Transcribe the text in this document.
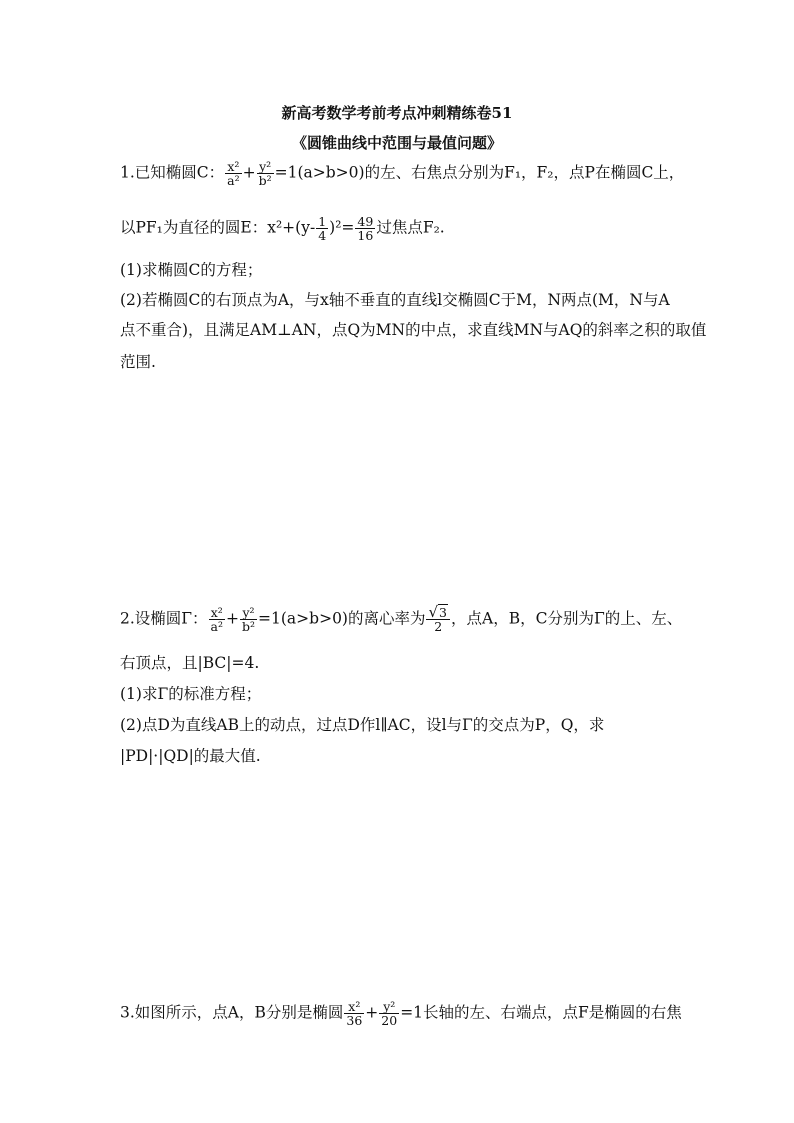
新高考数学考前考点冲刺精练卷51
《圆锥曲线中范围与最值问题》
1.已知椭圆C： $\frac{\text{x²}}{\text{a²}} + \frac{\text{y²}}{\text{b²}} =1(a>b>0)$的左、右焦点分别为F₁，F₂，点P在椭圆C上，
以PF₁为直径的圆E：$x^2+(y- \frac{1}{4} )^2= \frac{49}{16}$ 过焦点F₂.
(1)求椭圆C的方程；
(2)若椭圆C的右顶点为A，与x轴不垂直的直线l交椭圆C于M，N两点(M，N与A
点不重合)，且满足AM⊥AN，点Q为MN的中点，求直线MN与AQ的斜率之积的取值
范围.
2.设椭圆Γ： $\frac{\text{x²}}{\text{a²}} + \frac{\text{y²}}{\text{b²}} =1(a>b>0)$的离心率为 $\frac{√3}{2}$ ，点A，B，C分别为Γ的上、左、
右顶点，且|BC|=4.
(1)求Γ的标准方程；
(2)点D为直线AB上的动点，过点D作l∥AC，设l与Γ的交点为P，Q，求
|PD|·|QD|的最大值.
3.如图所示，点A，B分别是椭圆 $\frac{\text{x²}}{36} + \frac{\text{y²}}{20} =1$长轴的左、右端点，点F是椭圆的右焦
